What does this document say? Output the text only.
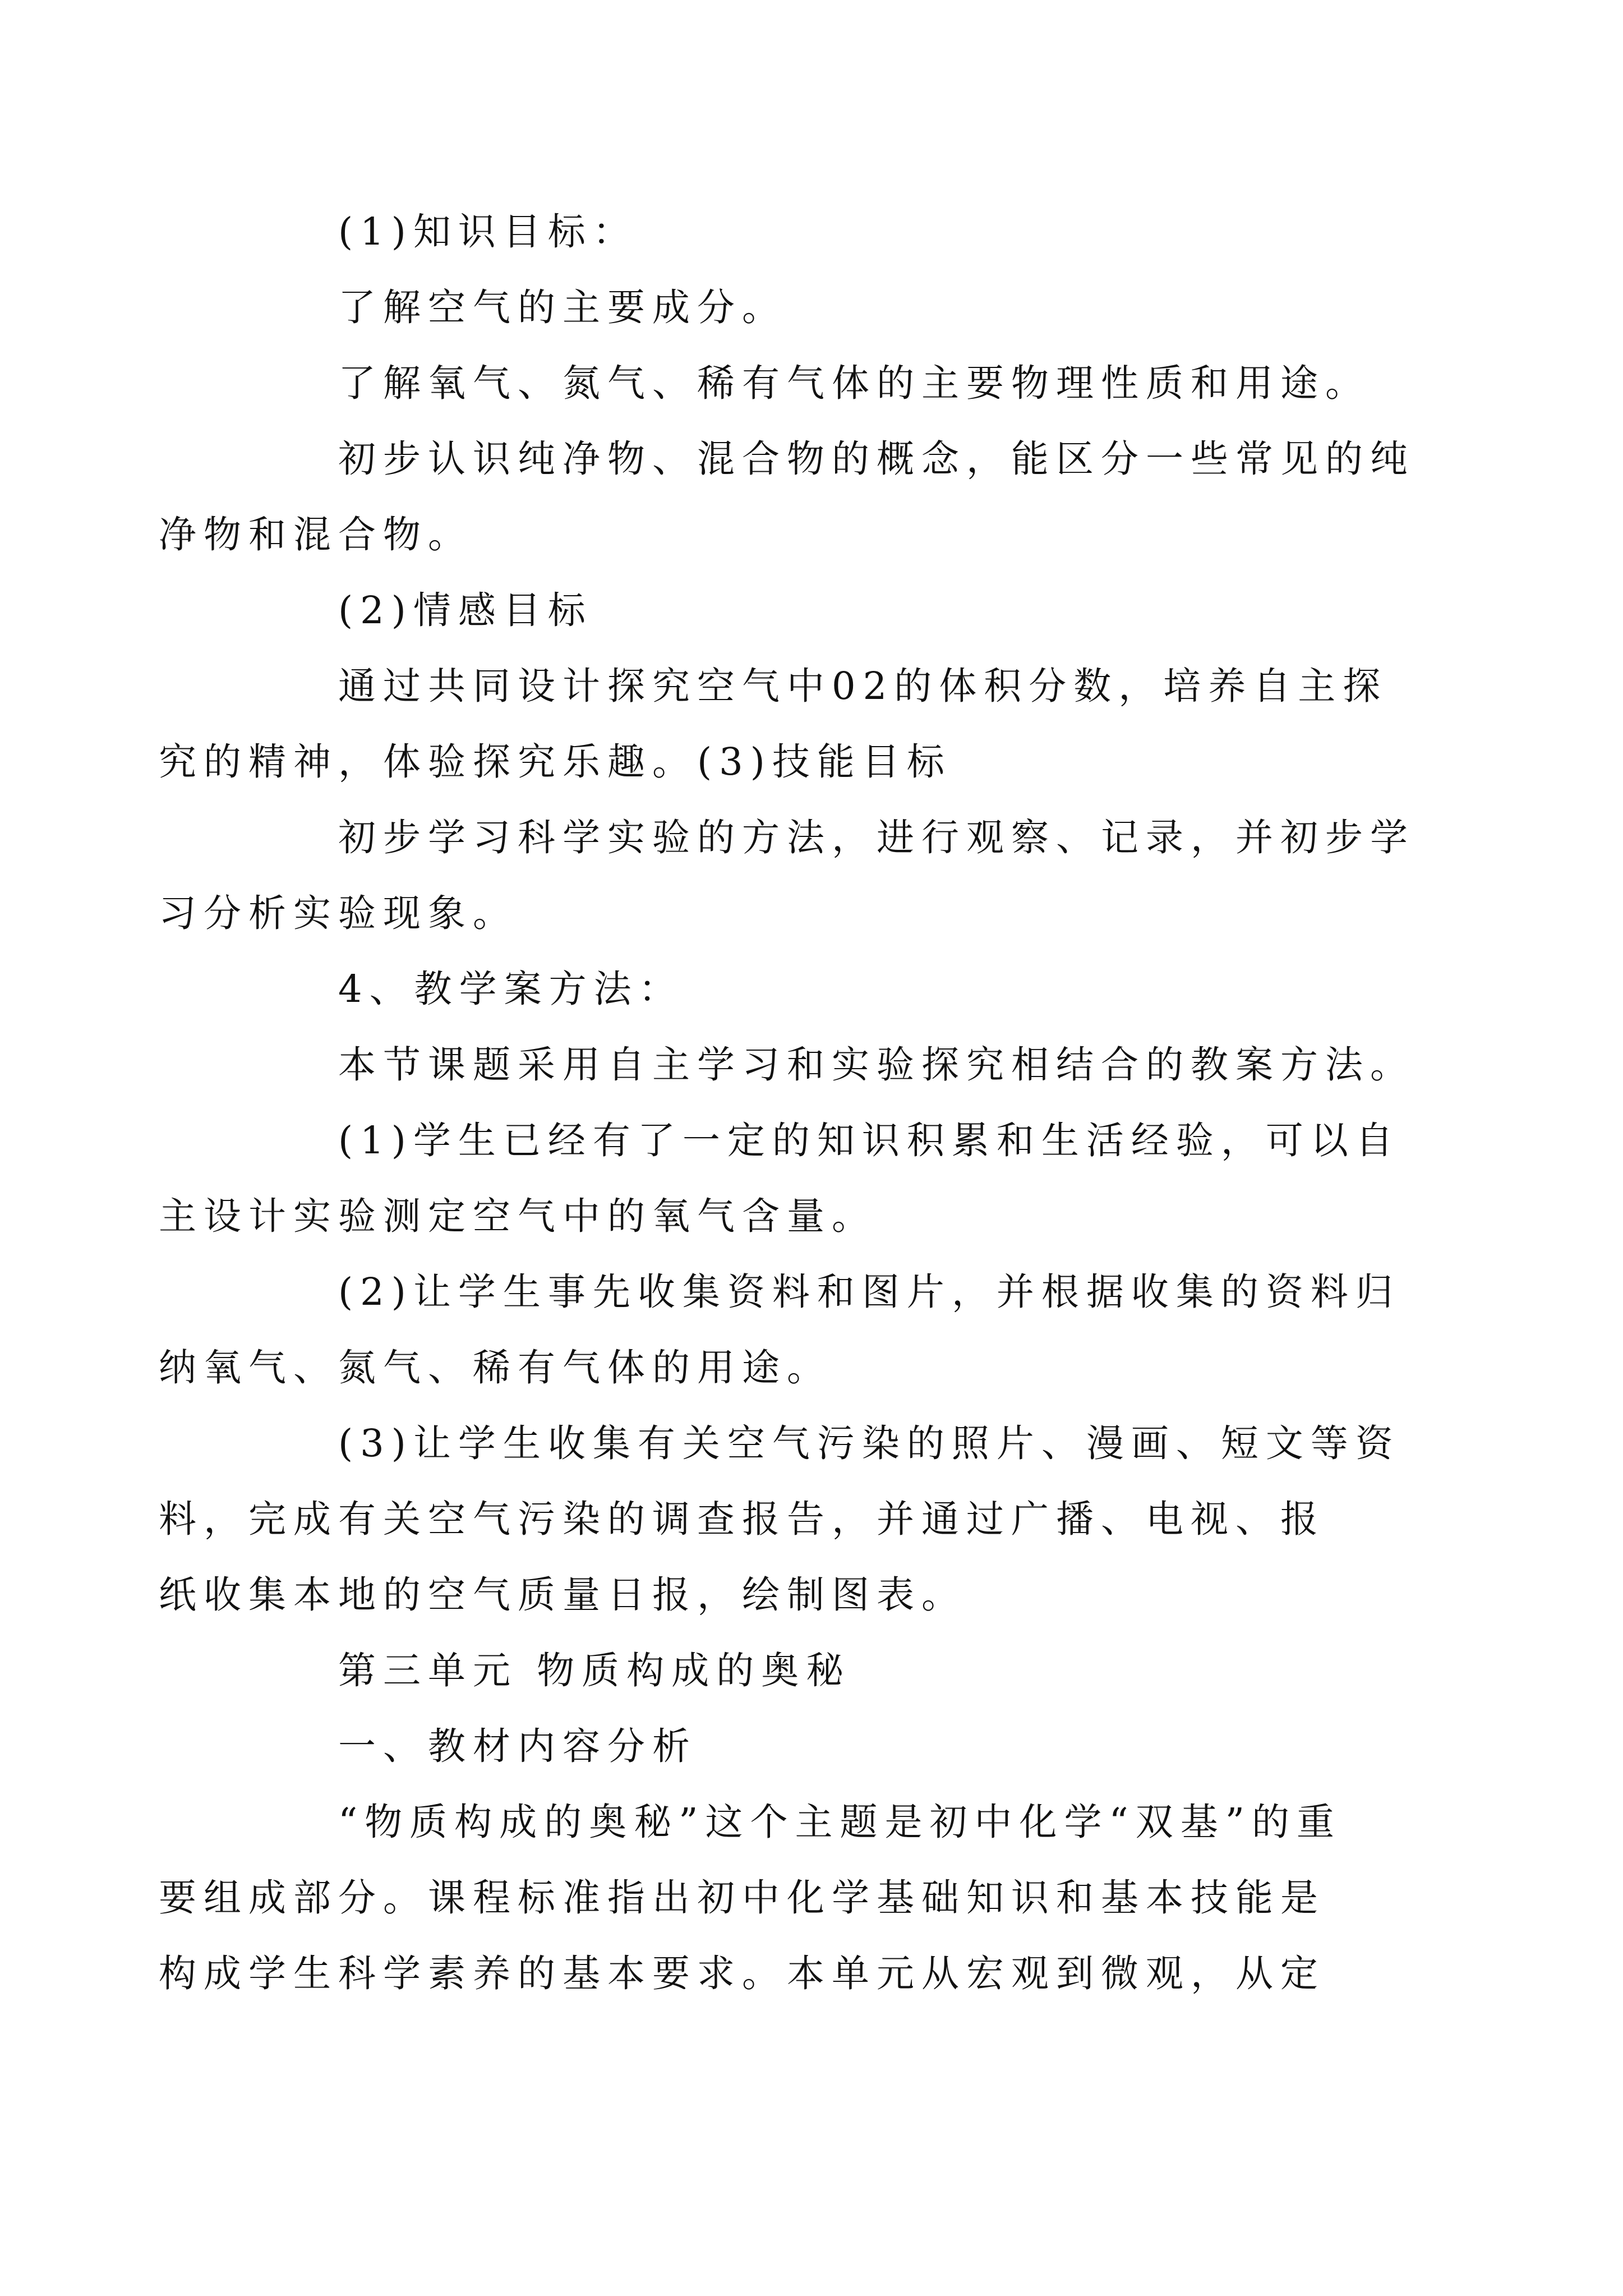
(1)知识目标：

了解空气的主要成分。

了解氧气、氮气、稀有气体的主要物理性质和用途。

初步认识纯净物、混合物的概念，能区分一些常见的纯
净物和混合物。

(2)情感目标

通过共同设计探究空气中02的体积分数，培养自主探
究的精神，体验探究乐趣。(3)技能目标

初步学习科学实验的方法，进行观察、记录，并初步学
习分析实验现象。

4、教学案方法：

本节课题采用自主学习和实验探究相结合的教案方法。

(1)学生已经有了一定的知识积累和生活经验，可以自
主设计实验测定空气中的氧气含量。

(2)让学生事先收集资料和图片，并根据收集的资料归
纳氧气、氮气、稀有气体的用途。

(3)让学生收集有关空气污染的照片、漫画、短文等资
料，完成有关空气污染的调查报告，并通过广播、电视、报
纸收集本地的空气质量日报，绘制图表。

第三单元 物质构成的奥秘

一、教材内容分析

“物质构成的奥秘”这个主题是初中化学“双基”的重
要组成部分。课程标准指出初中化学基础知识和基本技能是
构成学生科学素养的基本要求。本单元从宏观到微观，从定
